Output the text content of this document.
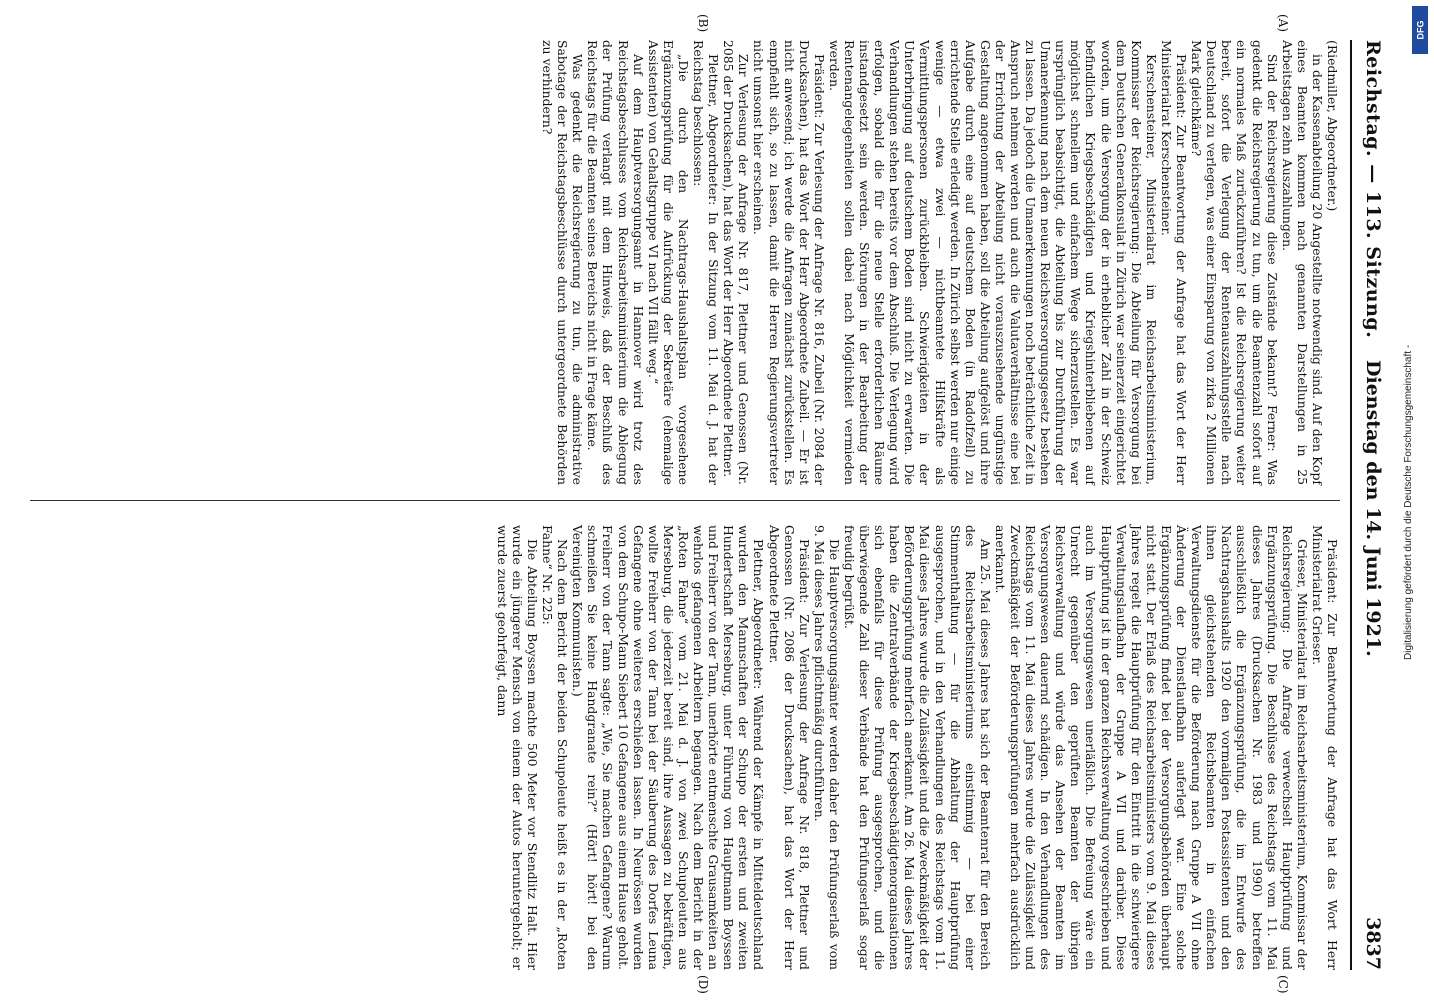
Reichstag. — 113. Sitzung.
Dienstag den 14. Juni 1921.
3837
(A)
(B)
(C)
(D)

(Riedmiller, Abgeordneter.)

in der Kassenabteilung 20 Angestellte notwendig sind. Auf den Kopf eines Beamten kommen nach genannten Darstellungen in 25 Arbeitstagen zehn Auszahlungen.

Sind der Reichsregierung diese Zustände bekannt? Ferner: Was gedenkt die Reichsregierung zu tun, um die Beamtenzahl sofort auf ein normales Maß zurückzuführen? Ist die Reichsregierung weiter bereit, sofort die Verlegung der Rentenauszahlungsstelle nach Deutschland zu verlegen, was einer Einsparung von zirka 2 Millionen Mark gleichkäme?

Präsident: Zur Beantwortung der Anfrage hat das Wort der Herr Ministerialrat Kerschensteiner.

Kerschensteiner, Ministerialrat im Reichsarbeitsministerium, Kommissar der Reichsregierung: Die Abteilung für Versorgung bei dem Deutschen Generalkonsulat in Zürich war seinerzeit eingerichtet worden, um die Versorgung der in erheblicher Zahl in der Schweiz befindlichen Kriegsbeschädigten und Kriegshinterbliebenen auf möglichst schnellem und einfachem Wege sicherzustellen. Es war ursprünglich beabsichtigt, die Abteilung bis zur Durchführung der Umanerkennung nach dem neuen Reichsversorgungsgesetz bestehen zu lassen. Da jedoch die Umanerkennungen noch beträchtliche Zeit in Anspruch nehmen werden und auch die Valutaverhältnisse eine bei der Errichtung der Abteilung nicht vorauszusehende ungünstige Gestaltung angenommen haben, soll die Abteilung aufgelöst und ihre Aufgabe durch eine auf deutschem Boden (in Radolfzell) zu errichtende Stelle erledigt werden. In Zürich selbst werden nur einige wenige — etwa zwei — nichtbeamtete Hilfskräfte als Vermittlungspersonen zurückbleiben. Schwierigkeiten in der Unterbringung auf deutschem Boden sind nicht zu erwarten. Die Verhandlungen stehen bereits vor dem Abschluß. Die Verlegung wird erfolgen, sobald die für die neue Stelle erforderlichen Räume instandgesetzt sein werden. Störungen in der Bearbeitung der Rentenangelegenheiten sollen dabei nach Möglichkeit vermieden werden.

Präsident: Zur Verlesung der Anfrage Nr. 816, Zubeil (Nr. 2084 der Drucksachen), hat das Wort der Herr Abgeordnete Zubeil. — Er ist nicht anwesend; ich werde die Anfragen zunächst zurückstellen. Es empfiehlt sich, so zu lassen, damit die Herren Regierungsvertreter nicht umsonst hier erscheinen.

Zur Verlesung der Anfrage Nr. 817, Plettner und Genossen (Nr. 2085 der Drucksachen), hat das Wort der Herr Abgeordnete Plettner.

Plettner, Abgeordneter: In der Sitzung vom 11. Mai d. J. hat der Reichstag beschlossen:

„Die durch den Nachtrags-Haushaltsplan vorgesehene Ergänzungsprüfung für die Aufrückung der Sekretäre (ehemalige Assistenten) von Gehaltsgruppe VI nach VII fällt weg.“

Auf dem Hauptversorgungsamt in Hannover wird trotz des Reichstagsbeschlusses vom Reichsarbeitsministerium die Ablegung der Prüfung verlangt mit dem Hinweis, daß der Beschluß des Reichstags für die Beamten seines Bereichs nicht in Frage käme.

Was gedenkt die Reichsregierung zu tun, die administrative Sabotage der Reichstagsbeschlüsse durch untergeordnete Behörden zu verhindern?

Präsident: Zur Beantwortung der Anfrage hat das Wort Herr Ministerialrat Grieser.

Grieser, Ministerialrat im Reichsarbeitsministerium, Kommissar der Reichsregierung: Die Anfrage verwechselt Hauptprüfung und Ergänzungsprüfung. Die Beschlüsse des Reichstags vom 11. Mai dieses Jahres (Drucksachen Nr. 1983 und 1990) betreffen ausschließlich die Ergänzungsprüfung, die im Entwurfe des Nachtragshaushalts 1920 den vormaligen Postassistenten und den ihnen gleichstehenden Reichsbeamten in einfachen Verwaltungsdienste für die Beförderung nach Gruppe A VII ohne Änderung der Dienstlaufbahn auferlegt war. Eine solche Ergänzungsprüfung findet bei der Versorgungsbehörden überhaupt nicht statt. Der Erlaß des Reichsarbeitsministers vom 9. Mai dieses Jahres regelt die Hauptprüfung für den Eintritt in die schwierigere Verwaltungslaufbahn der Gruppe A VII und darüber. Diese Hauptprüfung ist in der ganzen Reichsverwaltung vorgeschrieben und auch im Versorgungswesen unerläßlich. Die Befreiung wäre ein Unrecht gegenüber den geprüften Beamten der übrigen Reichsverwaltung und würde das Ansehen der Beamten im Versorgungswesen dauernd schädigen. In den Verhandlungen des Reichstags vom 11. Mai dieses Jahres wurde die Zulässigkeit und Zweckmäßigkeit der Beförderungsprüfungen mehrfach ausdrücklich anerkannt.

Am 25. Mai dieses Jahres hat sich der Beamtenrat für den Bereich des Reichsarbeitsministeriums einstimmig — bei einer Stimmenthaltung — für die Abhaltung der Hauptprüfung ausgesprochen, und in den Verhandlungen des Reichstags vom 11. Mai dieses Jahres wurde die Zulässigkeit und die Zweckmäßigkeit der Beförderungsprüfung mehrfach anerkannt. Am 26. Mai dieses Jahres haben die Zentralverbände der Kriegsbeschädigtenorganisationen sich ebenfalls für diese Prüfung ausgesprochen, und die überwiegende Zahl dieser Verbände hat den Prüfungserlaß sogar freudig begrüßt.

Die Hauptversorgungsämter werden daher den Prüfungserlaß vom 9. Mai dieses Jahres pflichtmäßig durchführen.

Präsident: Zur Verlesung der Anfrage Nr. 818, Plettner und Genossen (Nr. 2086 der Drucksachen), hat das Wort der Herr Abgeordnete Plettner.

Plettner, Abgeordneter: Während der Kämpfe in Mitteldeutschland wurden den Mannschaften der Schupo der ersten und zweiten Hundertschaft Merseburg, unter Führung von Hauptmann Boyssen und Freiherr von der Tann, unerhörte entmenschte Grausamkeiten an wehrlos gefangenen Arbeitern begangen. Nach dem Bericht in der „Roten Fahne“ vom 21. Mai d. J. von zwei Schupoleuten aus Merseburg, die jederzeit bereit sind, ihre Aussagen zu bekräftigen, wollte Freiherr von der Tann bei der Säuberung des Dorfes Leuna Gefangene ohne weiteres erschießen lassen. In Neurössen wurden von dem Schupo-Mann Siebert 10 Gefangene aus einem Hause geholt. Freiherr von der Tann sagte: „Wie, Sie machen Gefangene? Warum schmeißen Sie keine Handgranate rein?“ (Hört! hört! bei den Vereinigten Kommunisten.)

Nach dem Bericht der beiden Schupoleute heißt es in der „Roten Fahne“ Nr. 225:

Die Abteilung Boyssen machte 500 Meter vor Stendlitz Halt. Hier wurde ein jüngerer Mensch von einem der Autos heruntergeholt; er wurde zuerst geohrfeigt, dann

DFG
Digitalisierung gefördert durch die Deutsche Forschungsgemeinschaft -
